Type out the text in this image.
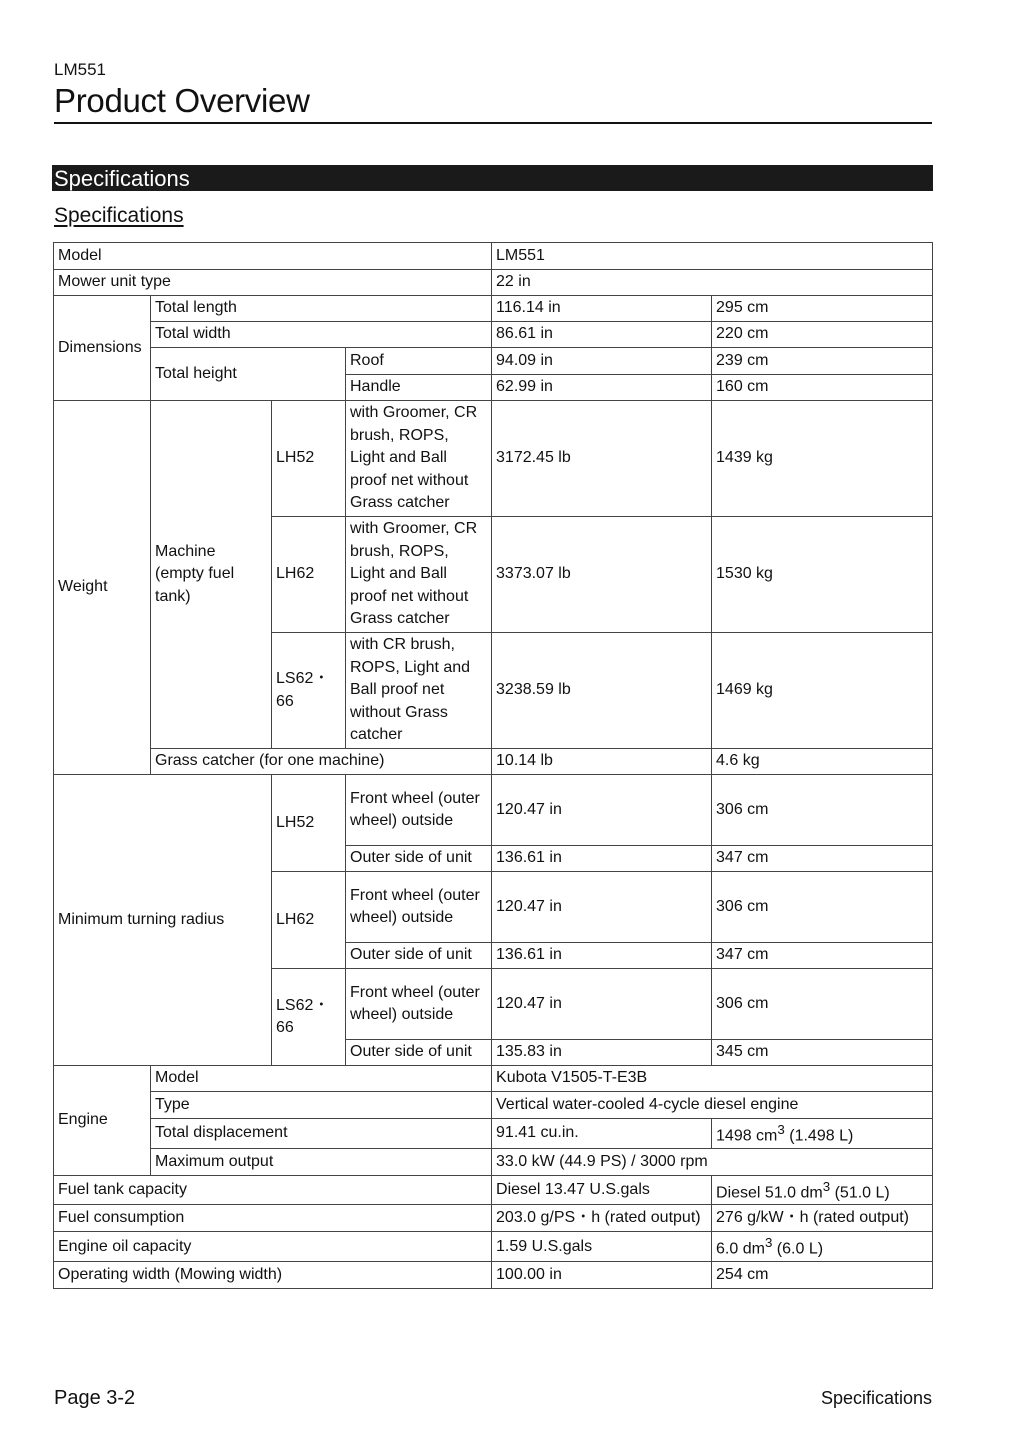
LM551
Product Overview
Specifications
Specifications
Model				LM551	
Mower unit type				22 in	
Dimensions	Total length			116.14 in	295 cm
	Total width			86.61 in	220 cm
	Total height		Roof	94.09 in	239 cm
			Handle	62.99 in	160 cm
Weight	Machine (empty fuel tank)	LH52	with Groomer, CR brush, ROPS, Light and Ball proof net without Grass catcher	3172.45 lb	1439 kg
		LH62	with Groomer, CR brush, ROPS, Light and Ball proof net without Grass catcher	3373.07 lb	1530 kg
		LS62・66	with CR brush, ROPS, Light and Ball proof net without Grass catcher	3238.59 lb	1469 kg
	Grass catcher (for one machine)			10.14 lb	4.6 kg
Minimum turning radius		LH52	Front wheel (outer wheel) outside	120.47 in	306 cm
			Outer side of unit	136.61 in	347 cm
		LH62	Front wheel (outer wheel) outside	120.47 in	306 cm
			Outer side of unit	136.61 in	347 cm
		LS62・66	Front wheel (outer wheel) outside	120.47 in	306 cm
			Outer side of unit	135.83 in	345 cm
Engine	Model			Kubota V1505-T-E3B	
	Type			Vertical water-cooled 4-cycle diesel engine	
	Total displacement			91.41 cu.in.	1498 $cm^3$ (1.498 L)
	Maximum output			33.0 kW (44.9 PS) / 3000 rpm	
Fuel tank capacity				Diesel 13.47 U.S.gals	Diesel 51.0 $dm^3$ (51.0 L)
Fuel consumption				203.0 g/PS・h (rated output)	276 g/kW・h (rated output)
Engine oil capacity				1.59 U.S.gals	6.0 $dm^3$ (6.0 L)
Operating width (Mowing width)				100.00 in	254 cm
Page 3-2	Specifications
